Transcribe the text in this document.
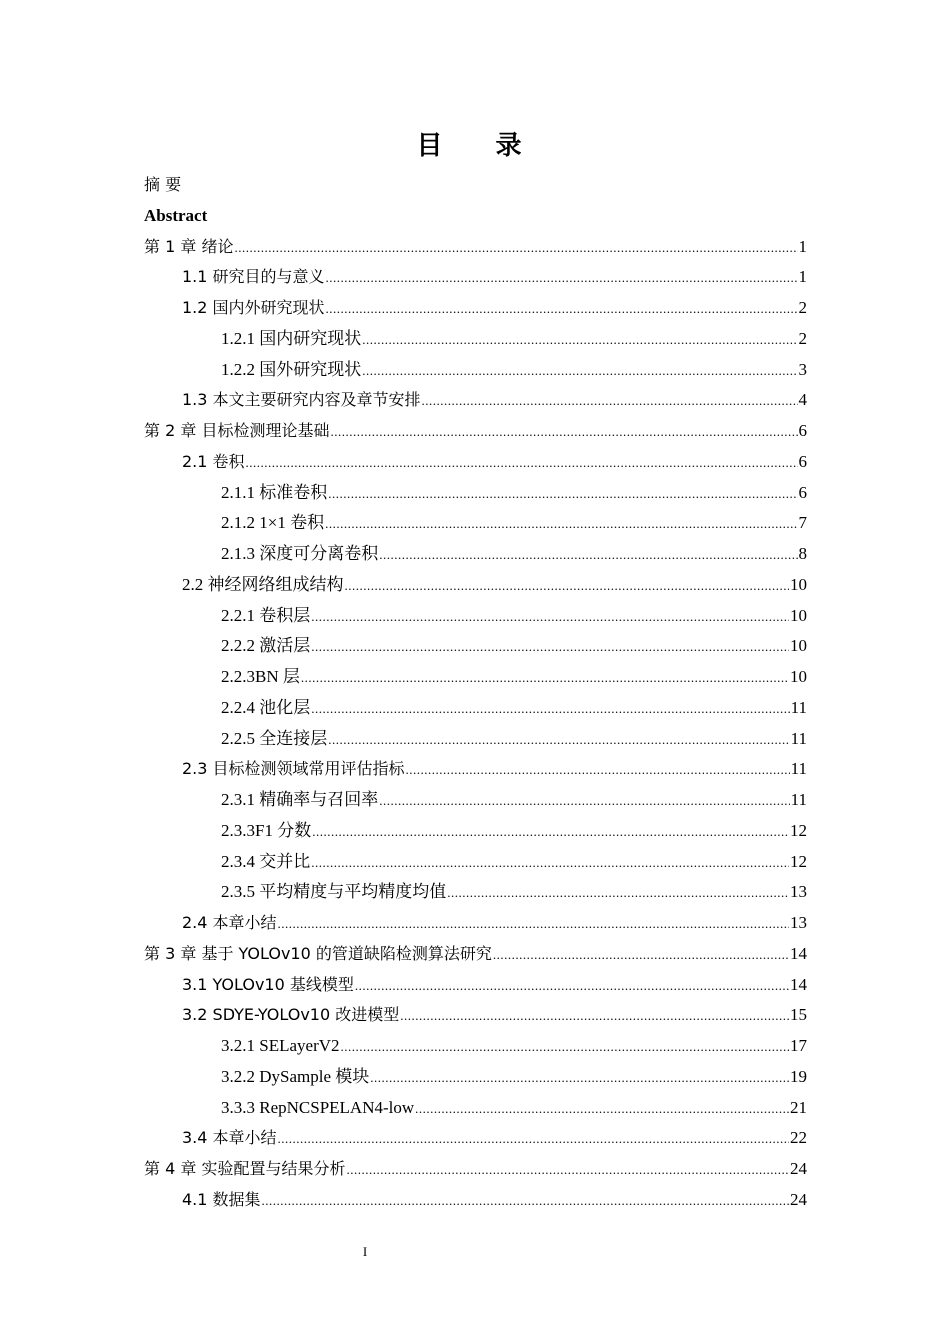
目 录
摘 要
Abstract
第 1 章 绪论 .....	1
1.1 研究目的与意义 .....	1
1.2 国内外研究现状 .....	2
1.2.1 国内研究现状 .....	2
1.2.2 国外研究现状 .....	3
1.3 本文主要研究内容及章节安排 .....	4
第 2 章 目标检测理论基础 .....	6
2.1 卷积 .....	6
2.1.1 标准卷积 .....	6
2.1.2 1×1 卷积 .....	7
2.1.3 深度可分离卷积 .....	8
2.2 神经网络组成结构 .....	10
2.2.1 卷积层 .....	10
2.2.2 激活层 .....	10
2.2.3BN 层 .....	10
2.2.4 池化层 .....	11
2.2.5 全连接层 .....	11
2.3 目标检测领域常用评估指标 .....	11
2.3.1 精确率与召回率 .....	11
2.3.3F1 分数 .....	12
2.3.4 交并比 .....	12
2.3.5 平均精度与平均精度均值 .....	13
2.4 本章小结 .....	13
第 3 章 基于 YOLOv10 的管道缺陷检测算法研究 .....	14
3.1 YOLOv10 基线模型 .....	14
3.2 SDYE-YOLOv10 改进模型 .....	15
3.2.1 SELayerV2 .....	17
3.2.2 DySample 模块 .....	19
3.3.3 RepNCSPELAN4-low .....	21
3.4 本章小结 .....	22
第 4 章 实验配置与结果分析 .....	24
4.1 数据集 .....	24
I
